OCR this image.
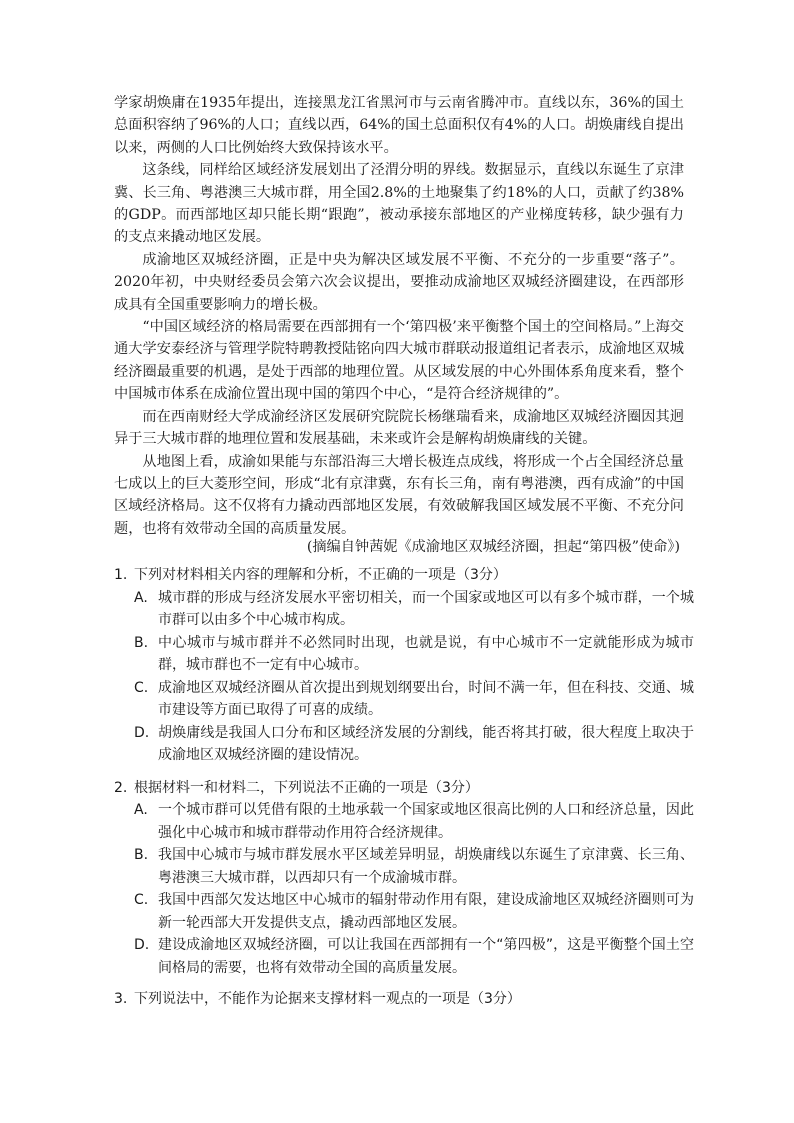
学家胡焕庸在1935年提出，连接黑龙江省黑河市与云南省腾冲市。直线以东，36%的国土总面积容纳了96%的人口；直线以西，64%的国土总面积仅有4%的人口。胡焕庸线自提出以来，两侧的人口比例始终大致保持该水平。

这条线，同样给区域经济发展划出了泾渭分明的界线。数据显示，直线以东诞生了京津冀、长三角、粤港澳三大城市群，用全国2.8%的土地聚集了约18%的人口，贡献了约38%的GDP。而西部地区却只能长期“跟跑”，被动承接东部地区的产业梯度转移，缺少强有力的支点来撬动地区发展。

成渝地区双城经济圈，正是中央为解决区域发展不平衡、不充分的一步重要“落子”。2020年初，中央财经委员会第六次会议提出，要推动成渝地区双城经济圈建设，在西部形成具有全国重要影响力的增长极。

“中国区域经济的格局需要在西部拥有一个‘第四极’来平衡整个国土的空间格局。”上海交通大学安泰经济与管理学院特聘教授陆铭向四大城市群联动报道组记者表示，成渝地区双城经济圈最重要的机遇，是处于西部的地理位置。从区域发展的中心外围体系角度来看，整个中国城市体系在成渝位置出现中国的第四个中心，“是符合经济规律的”。

而在西南财经大学成渝经济区发展研究院院长杨继瑞看来，成渝地区双城经济圈因其迥异于三大城市群的地理位置和发展基础，未来或许会是解构胡焕庸线的关键。

从地图上看，成渝如果能与东部沿海三大增长极连点成线，将形成一个占全国经济总量七成以上的巨大菱形空间，形成“北有京津冀，东有长三角，南有粤港澳，西有成渝”的中国区域经济格局。这不仅将有力撬动西部地区发展，有效破解我国区域发展不平衡、不充分问题，也将有效带动全国的高质量发展。

(摘编自钟茜妮《成渝地区双城经济圈，担起“第四极”使命》)
1. 下列对材料相关内容的理解和分析，不正确的一项是（3分）
A. 城市群的形成与经济发展水平密切相关，而一个国家或地区可以有多个城市群，一个城市群可以由多个中心城市构成。
B. 中心城市与城市群并不必然同时出现，也就是说，有中心城市不一定就能形成为城市群，城市群也不一定有中心城市。
C. 成渝地区双城经济圈从首次提出到规划纲要出台，时间不满一年，但在科技、交通、城市建设等方面已取得了可喜的成绩。
D. 胡焕庸线是我国人口分布和区域经济发展的分割线，能否将其打破，很大程度上取决于成渝地区双城经济圈的建设情况。
2. 根据材料一和材料二，下列说法不正确的一项是（3分）
A. 一个城市群可以凭借有限的土地承载一个国家或地区很高比例的人口和经济总量，因此强化中心城市和城市群带动作用符合经济规律。
B. 我国中心城市与城市群发展水平区域差异明显，胡焕庸线以东诞生了京津冀、长三角、粤港澳三大城市群，以西却只有一个成渝城市群。
C. 我国中西部欠发达地区中心城市的辐射带动作用有限，建设成渝地区双城经济圈则可为新一轮西部大开发提供支点，撬动西部地区发展。
D. 建设成渝地区双城经济圈，可以让我国在西部拥有一个“第四极”，这是平衡整个国土空间格局的需要，也将有效带动全国的高质量发展。
3. 下列说法中，不能作为论据来支撑材料一观点的一项是（3分）
